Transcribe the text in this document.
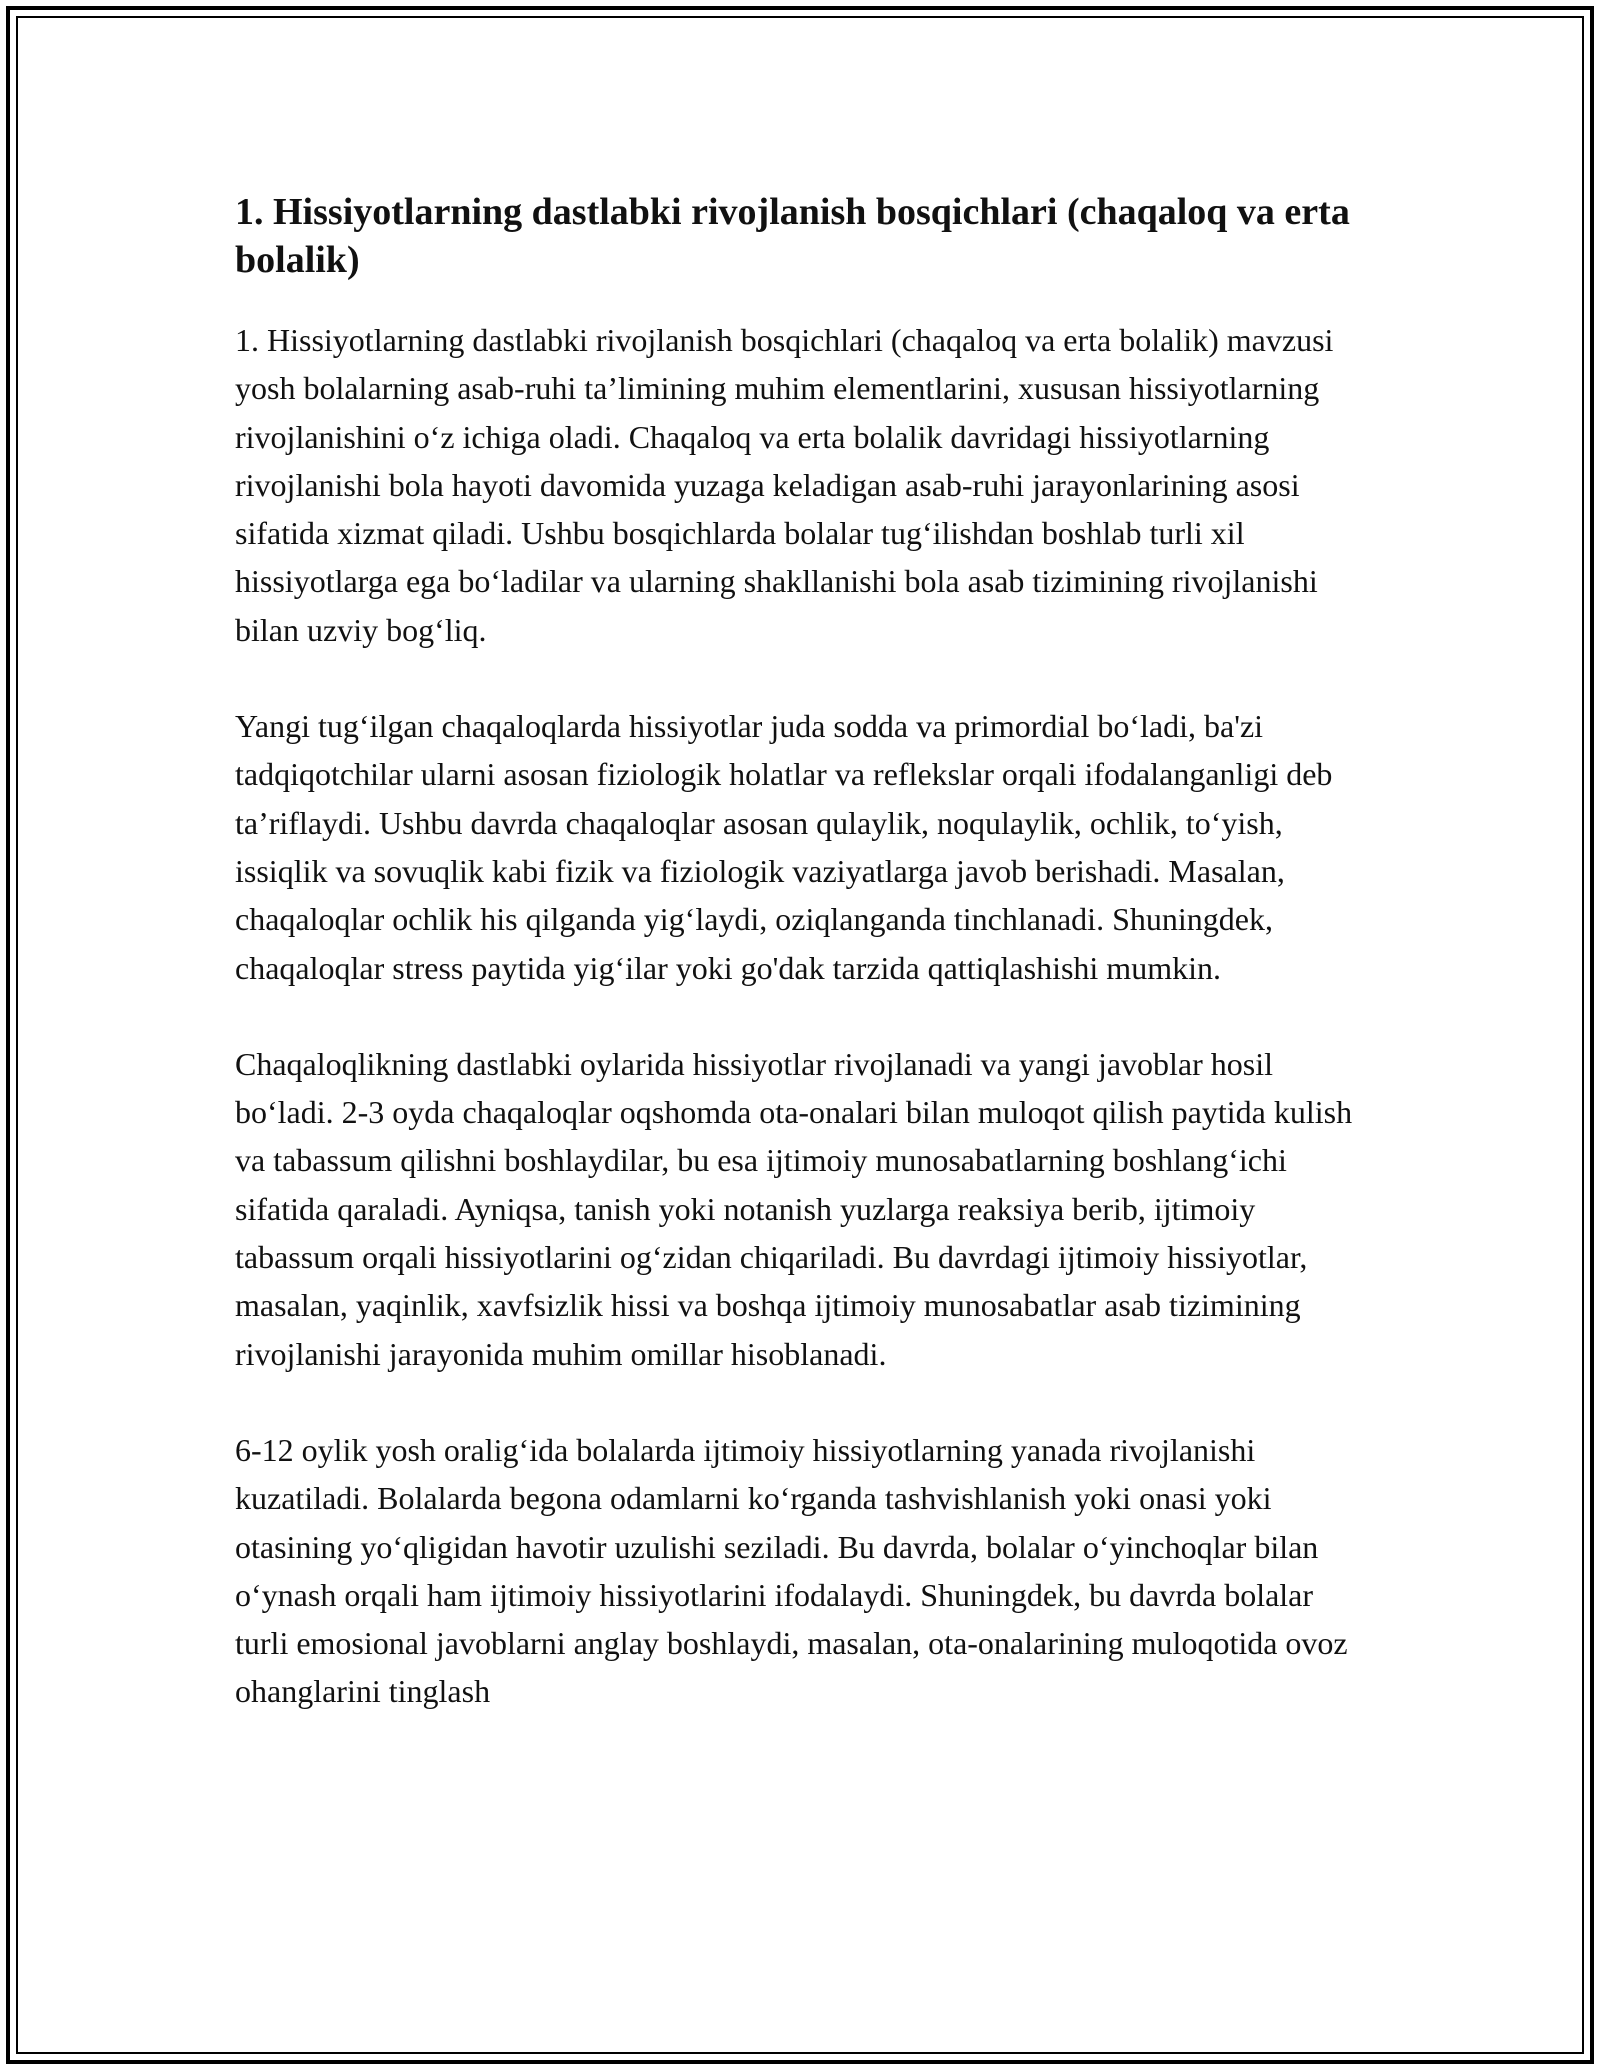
1. Hissiyotlarning dastlabki rivojlanish bosqichlari (chaqaloq va erta bolalik)

1. Hissiyotlarning dastlabki rivojlanish bosqichlari (chaqaloq va erta bolalik) mavzusi yosh bolalarning asab-ruhi ta’limining muhim elementlarini, xususan hissiyotlarning rivojlanishini o‘z ichiga oladi. Chaqaloq va erta bolalik davridagi hissiyotlarning rivojlanishi bola hayoti davomida yuzaga keladigan asab-ruhi jarayonlarining asosi sifatida xizmat qiladi. Ushbu bosqichlarda bolalar tug‘ilishdan boshlab turli xil hissiyotlarga ega bo‘ladilar va ularning shakllanishi bola asab tizimining rivojlanishi bilan uzviy bog‘liq.

Yangi tug‘ilgan chaqaloqlarda hissiyotlar juda sodda va primordial bo‘ladi, ba'zi tadqiqotchilar ularni asosan fiziologik holatlar va reflekslar orqali ifodalanganligi deb ta’riflaydi. Ushbu davrda chaqaloqlar asosan qulaylik, noqulaylik, ochlik, to‘yish, issiqlik va sovuqlik kabi fizik va fiziologik vaziyatlarga javob berishadi. Masalan, chaqaloqlar ochlik his qilganda yig‘laydi, oziqlanganda tinchlanadi. Shuningdek, chaqaloqlar stress paytida yig‘ilar yoki go'dak tarzida qattiqlashishi mumkin.

Chaqaloqlikning dastlabki oylarida hissiyotlar rivojlanadi va yangi javoblar hosil bo‘ladi. 2-3 oyda chaqaloqlar oqshomda ota-onalari bilan muloqot qilish paytida kulish va tabassum qilishni boshlaydilar, bu esa ijtimoiy munosabatlarning boshlang‘ichi sifatida qaraladi. Ayniqsa, tanish yoki notanish yuzlarga reaksiya berib, ijtimoiy tabassum orqali hissiyotlarini og‘zidan chiqariladi. Bu davrdagi ijtimoiy hissiyotlar, masalan, yaqinlik, xavfsizlik hissi va boshqa ijtimoiy munosabatlar asab tizimining rivojlanishi jarayonida muhim omillar hisoblanadi.

6-12 oylik yosh oralig‘ida bolalarda ijtimoiy hissiyotlarning yanada rivojlanishi kuzatiladi. Bolalarda begona odamlarni ko‘rganda tashvishlanish yoki onasi yoki otasining yo‘qligidan havotir uzulishi seziladi. Bu davrda, bolalar o‘yinchoqlar bilan o‘ynash orqali ham ijtimoiy hissiyotlarini ifodalaydi. Shuningdek, bu davrda bolalar turli emosional javoblarni anglay boshlaydi, masalan, ota-onalarining muloqotida ovoz ohanglarini tinglash
